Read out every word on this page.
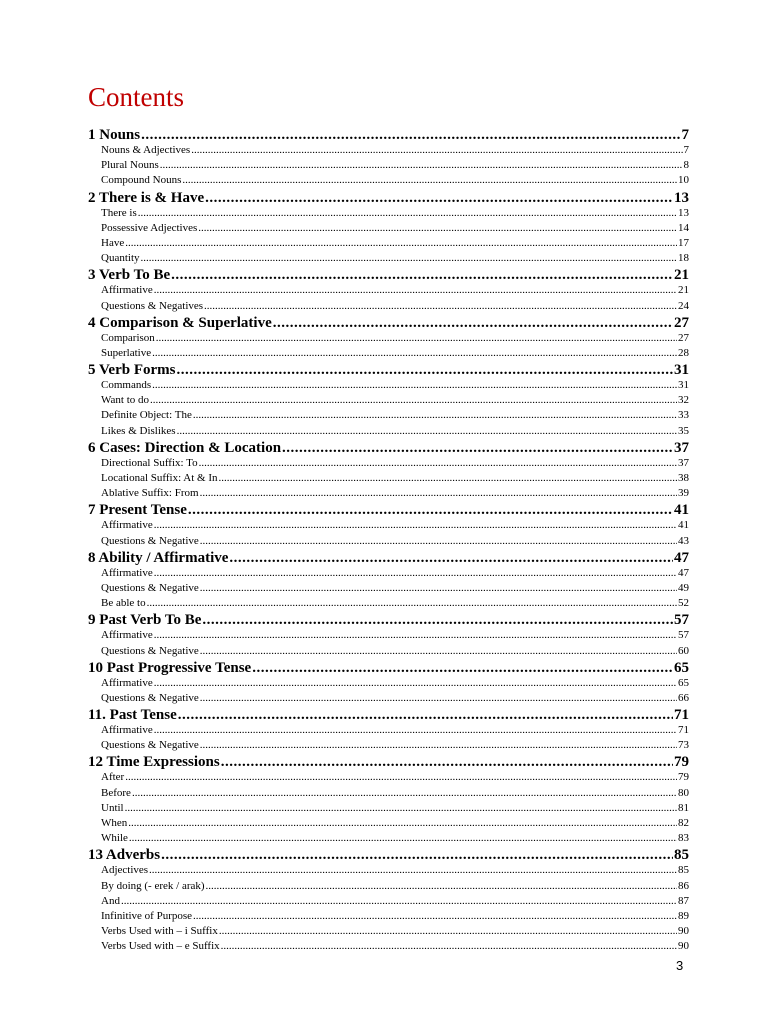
Contents
1 Nouns .....	7
Nouns & Adjectives .....	7
Plural Nouns .....	8
Compound Nouns .....	10
2 There is & Have .....	13
There is .....	13
Possessive Adjectives .....	14
Have .....	17
Quantity .....	18
3 Verb To Be .....	21
Affirmative .....	21
Questions & Negatives .....	24
4 Comparison & Superlative .....	27
Comparison .....	27
Superlative .....	28
5 Verb Forms .....	31
Commands .....	31
Want to do .....	32
Definite Object: The .....	33
Likes & Dislikes .....	35
6 Cases: Direction & Location .....	37
Directional Suffix: To .....	37
Locational Suffix: At & In .....	38
Ablative Suffix: From .....	39
7 Present Tense .....	41
Affirmative .....	41
Questions & Negative .....	43
8 Ability / Affirmative .....	47
Affirmative .....	47
Questions & Negative .....	49
Be able to .....	52
9 Past Verb To Be .....	57
Affirmative .....	57
Questions & Negative .....	60
10 Past Progressive Tense .....	65
Affirmative .....	65
Questions & Negative .....	66
11. Past Tense .....	71
Affirmative .....	71
Questions & Negative .....	73
12 Time Expressions .....	79
After .....	79
Before .....	80
Until .....	81
When .....	82
While .....	83
13 Adverbs .....	85
Adjectives .....	85
By doing (- erek / arak) .....	86
And .....	87
Infinitive of Purpose .....	89
Verbs Used with – i Suffix .....	90
Verbs Used with – e Suffix .....	90
3
